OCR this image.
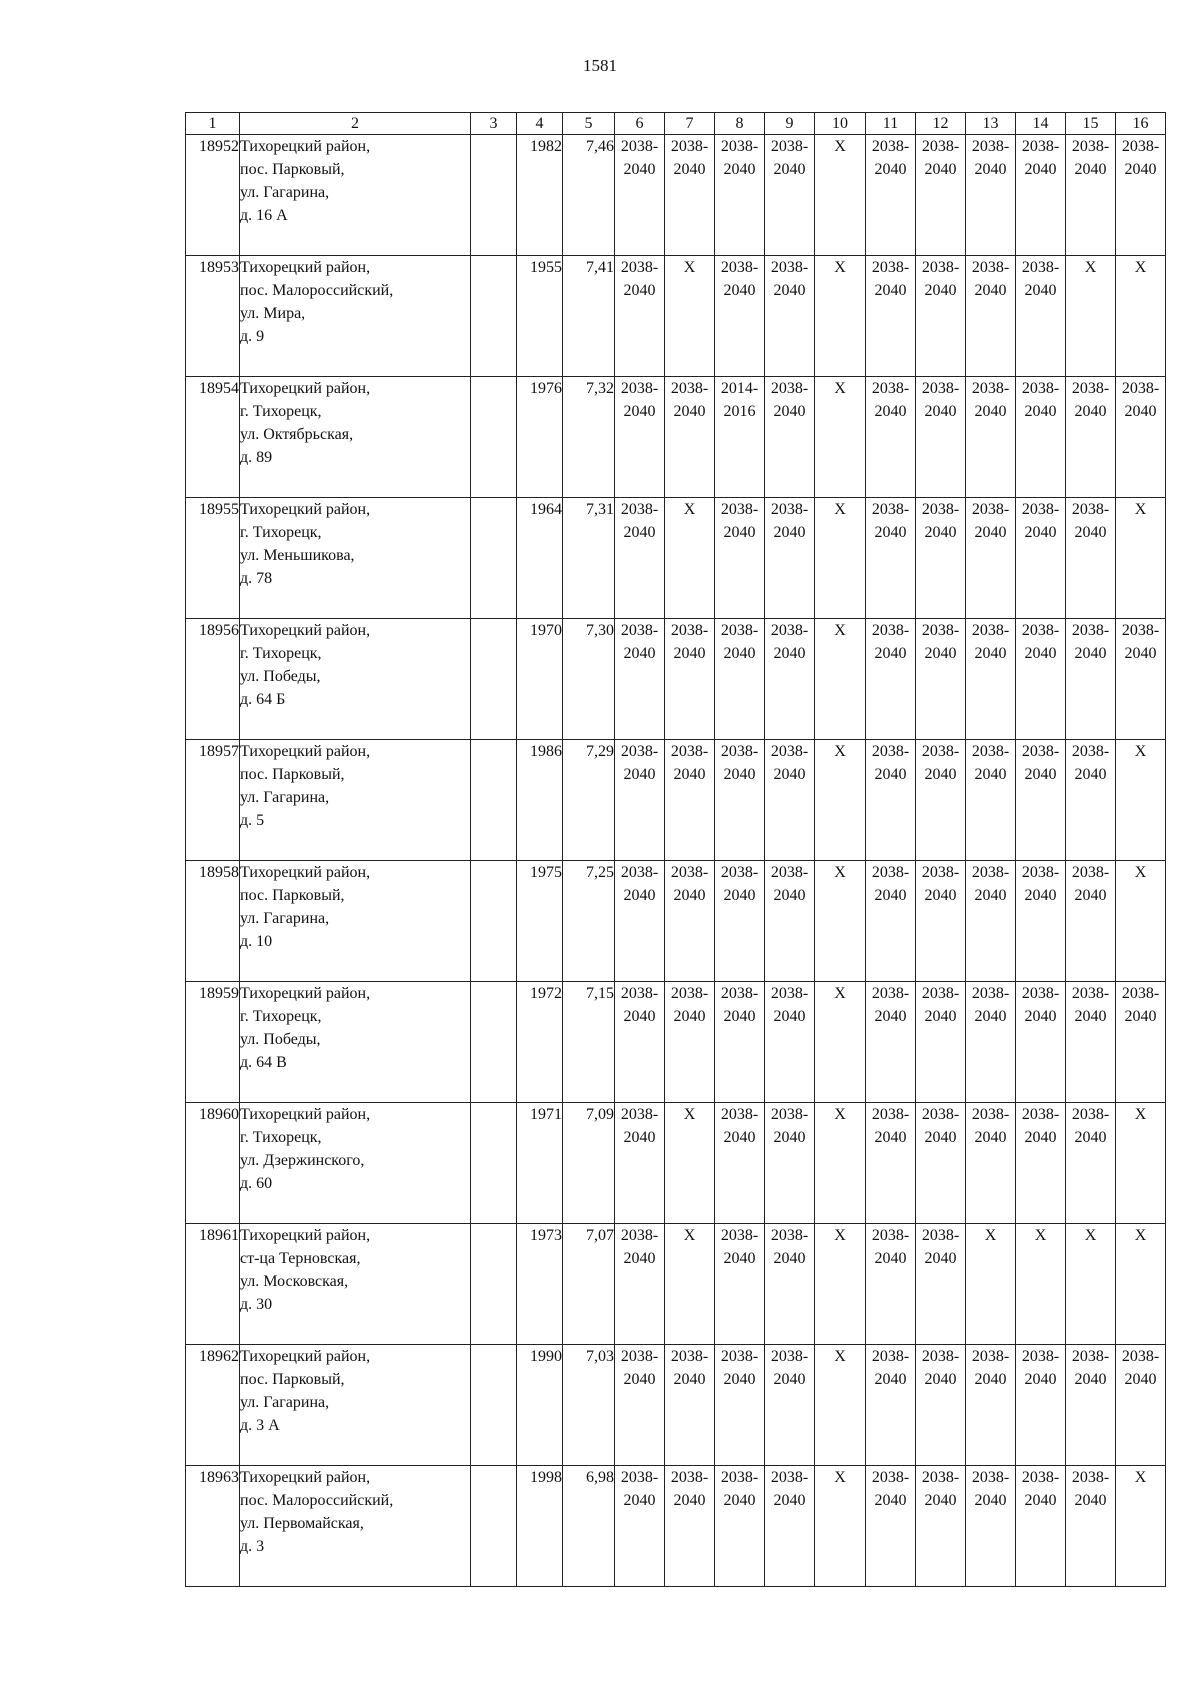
1581
1	2	3	4	5	6	7	8	9	10	11	12	13	14	15	16
18952	Тихорецкий район,
пос. Парковый,
ул. Гагарина,
д. 16 А		1982	7,46	2038-
2040	2038-
2040	2038-
2040	2038-
2040	Х	2038-
2040	2038-
2040	2038-
2040	2038-
2040	2038-
2040	2038-
2040

18953	Тихорецкий район,
пос. Малороссийский,
ул. Мира,
д. 9		1955	7,41	2038-
2040	Х	2038-
2040	2038-
2040	Х	2038-
2040	2038-
2040	2038-
2040	2038-
2040	Х	Х

18954	Тихорецкий район,
г. Тихорецк,
ул. Октябрьская,
д. 89		1976	7,32	2038-
2040	2038-
2040	2014-
2016	2038-
2040	Х	2038-
2040	2038-
2040	2038-
2040	2038-
2040	2038-
2040	2038-
2040

18955	Тихорецкий район,
г. Тихорецк,
ул. Меньшикова,
д. 78		1964	7,31	2038-
2040	Х	2038-
2040	2038-
2040	Х	2038-
2040	2038-
2040	2038-
2040	2038-
2040	2038-
2040	Х

18956	Тихорецкий район,
г. Тихорецк,
ул. Победы,
д. 64 Б		1970	7,30	2038-
2040	2038-
2040	2038-
2040	2038-
2040	Х	2038-
2040	2038-
2040	2038-
2040	2038-
2040	2038-
2040	2038-
2040

18957	Тихорецкий район,
пос. Парковый,
ул. Гагарина,
д. 5		1986	7,29	2038-
2040	2038-
2040	2038-
2040	2038-
2040	Х	2038-
2040	2038-
2040	2038-
2040	2038-
2040	2038-
2040	Х

18958	Тихорецкий район,
пос. Парковый,
ул. Гагарина,
д. 10		1975	7,25	2038-
2040	2038-
2040	2038-
2040	2038-
2040	Х	2038-
2040	2038-
2040	2038-
2040	2038-
2040	2038-
2040	Х

18959	Тихорецкий район,
г. Тихорецк,
ул. Победы,
д. 64 В		1972	7,15	2038-
2040	2038-
2040	2038-
2040	2038-
2040	Х	2038-
2040	2038-
2040	2038-
2040	2038-
2040	2038-
2040	2038-
2040

18960	Тихорецкий район,
г. Тихорецк,
ул. Дзержинского,
д. 60		1971	7,09	2038-
2040	Х	2038-
2040	2038-
2040	Х	2038-
2040	2038-
2040	2038-
2040	2038-
2040	2038-
2040	Х

18961	Тихорецкий район,
ст-ца Терновская,
ул. Московская,
д. 30		1973	7,07	2038-
2040	Х	2038-
2040	2038-
2040	Х	2038-
2040	2038-
2040	Х	Х	Х	Х

18962	Тихорецкий район,
пос. Парковый,
ул. Гагарина,
д. 3 А		1990	7,03	2038-
2040	2038-
2040	2038-
2040	2038-
2040	Х	2038-
2040	2038-
2040	2038-
2040	2038-
2040	2038-
2040	2038-
2040

18963	Тихорецкий район,
пос. Малороссийский,
ул. Первомайская,
д. 3		1998	6,98	2038-
2040	2038-
2040	2038-
2040	2038-
2040	Х	2038-
2040	2038-
2040	2038-
2040	2038-
2040	2038-
2040	Х
